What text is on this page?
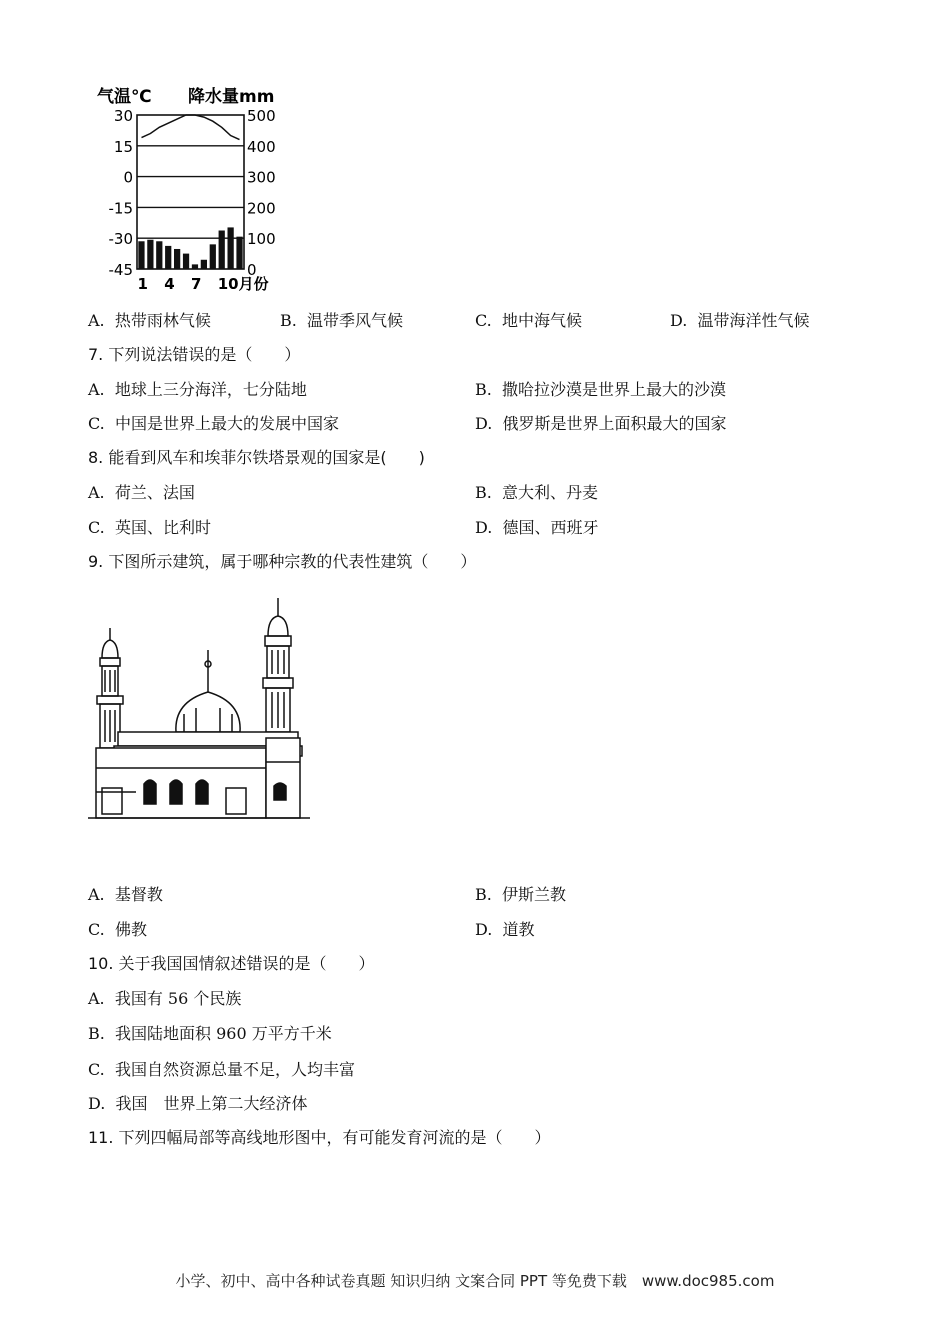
气温℃ 降水量mm
30
15
0
-15
-30
-45
500
400
300
200
100
0
1 4 7 10月份
A. 热带雨林气候	B. 温带季风气候	C. 地中海气候	D. 温带海洋性气候
7. 下列说法错误的是（　　）
A. 地球上三分海洋，七分陆地	B. 撒哈拉沙漠是世界上最大的沙漠
C. 中国是世界上最大的发展中国家	D. 俄罗斯是世界上面积最大的国家
8. 能看到风车和埃菲尔铁塔景观的国家是(　　)
A. 荷兰、法国	B. 意大利、丹麦
C. 英国、比利时	D. 德国、西班牙
9. 下图所示建筑，属于哪种宗教的代表性建筑（　　）
A. 基督教	B. 伊斯兰教
C. 佛教	D. 道教
10. 关于我国国情叙述错误的是（　　）
A. 我国有 56 个民族
B. 我国陆地面积 960 万平方千米
C. 我国自然资源总量不足，人均丰富
D. 我国　世界上第二大经济体
11. 下列四幅局部等高线地形图中，有可能发育河流的是（　　）
小学、初中、高中各种试卷真题 知识归纳 文案合同 PPT 等免费下载　www.doc985.com
